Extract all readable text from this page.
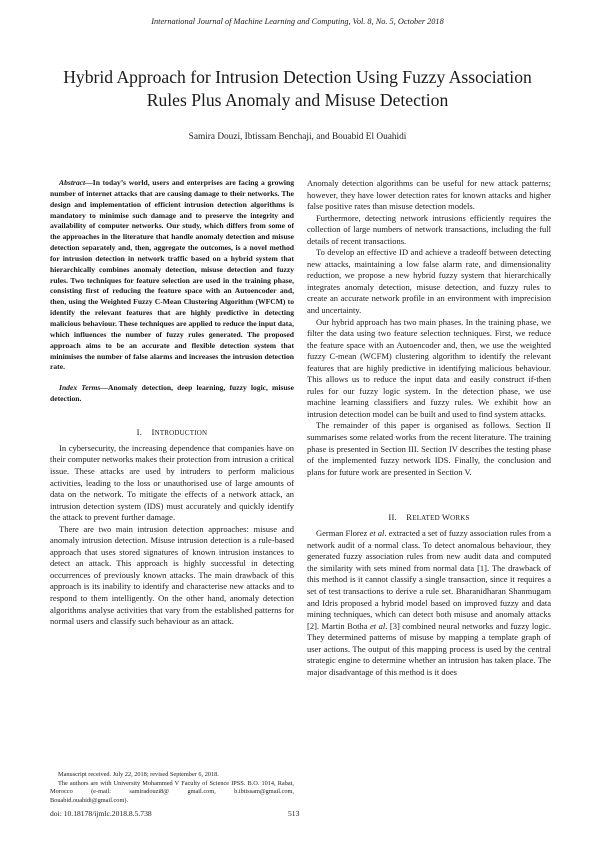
International Journal of Machine Learning and Computing, Vol. 8, No. 5, October 2018
Hybrid Approach for Intrusion Detection Using Fuzzy Association Rules Plus Anomaly and Misuse Detection
Samira Douzi, Ibtissam Benchaji, and Bouabid El Ouahidi

Abstract—In today’s world, users and enterprises are facing a growing number of internet attacks that are causing damage to their networks. The design and implementation of efficient intrusion detection algorithms is mandatory to minimise such damage and to preserve the integrity and availability of computer networks. Our study, which differs from some of the approaches in the literature that handle anomaly detection and misuse detection separately and, then, aggregate the outcomes, is a novel method for intrusion detection in network traffic based on a hybrid system that hierarchically combines anomaly detection, misuse detection and fuzzy rules. Two techniques for feature selection are used in the training phase, consisting first of reducing the feature space with an Autoencoder and, then, using the Weighted Fuzzy C-Mean Clustering Algorithm (WFCM) to identify the relevant features that are highly predictive in detecting malicious behaviour. These techniques are applied to reduce the input data, which influences the number of fuzzy rules generated. The proposed approach aims to be an accurate and flexible detection system that minimises the number of false alarms and increases the intrusion detection rate.

Index Terms—Anomaly detection, deep learning, fuzzy logic, misuse detection.

I. INTRODUCTION

In cybersecurity, the increasing dependence that companies have on their computer networks makes their protection from intrusion a critical issue. These attacks are used by intruders to perform malicious activities, leading to the loss or unauthorised use of large amounts of data on the network. To mitigate the effects of a network attack, an intrusion detection system (IDS) must accurately and quickly identify the attack to prevent further damage.

There are two main intrusion detection approaches: misuse and anomaly intrusion detection. Misuse intrusion detection is a rule-based approach that uses stored signatures of known intrusion instances to detect an attack. This approach is highly successful in detecting occurrences of previously known attacks. The main drawback of this approach is its inability to identify and characterise new attacks and to respond to them intelligently. On the other hand, anomaly detection algorithms analyse activities that vary from the established patterns for normal users and classify such behaviour as an attack.

Anomaly detection algorithms can be useful for new attack patterns; however, they have lower detection rates for known attacks and higher false positive rates than misuse detection models.

Furthermore, detecting network intrusions efficiently requires the collection of large numbers of network transactions, including the full details of recent transactions.

To develop an effective ID and achieve a tradeoff between detecting new attacks, maintaining a low false alarm rate, and dimensionality reduction, we propose a new hybrid fuzzy system that hierarchically integrates anomaly detection, misuse detection, and fuzzy rules to create an accurate network profile in an environment with imprecision and uncertainty.

Our hybrid approach has two main phases. In the training phase, we filter the data using two feature selection techniques. First, we reduce the feature space with an Autoencoder and, then, we use the weighted fuzzy C-mean (WCFM) clustering algorithm to identify the relevant features that are highly predictive in identifying malicious behaviour. This allows us to reduce the input data and easily construct if-then rules for our fuzzy logic system. In the detection phase, we use machine learning classifiers and fuzzy rules. We exhibit how an intrusion detection model can be built and used to find system attacks.

The remainder of this paper is organised as follows. Section II summarises some related works from the recent literature. The training phase is presented in Section III. Section IV describes the testing phase of the implemented fuzzy network IDS. Finally, the conclusion and plans for future work are presented in Section V.

II. RELATED WORKS

German Florez et al. extracted a set of fuzzy association rules from a network audit of a normal class. To detect anomalous behaviour, they generated fuzzy association rules from new audit data and computed the similarity with sets mined from normal data [1]. The drawback of this method is it cannot classify a single transaction, since it requires a set of test transactions to derive a rule set. Bharanidharan Shanmugam and Idris proposed a hybrid model based on improved fuzzy and data mining techniques, which can detect both misuse and anomaly attacks [2]. Martin Botha et al. [3] combined neural networks and fuzzy logic. They determined patterns of misuse by mapping a template graph of user actions. The output of this mapping process is used by the central strategic engine to determine whether an intrusion has taken place. The major disadvantage of this method is it does

Manuscript received. July 22, 2018; revised September 6, 2018.

The authors are with University Mohammed V Faculty of Science IPSS. B.O. 1014, Rabat, Morocco (e-mail: samiradouzi8@ gmail.com, b.ibtissam@gmail.com, Bouabid.ouahidi@gmail.com).

doi: 10.18178/ijmlc.2018.8.5.738	513
